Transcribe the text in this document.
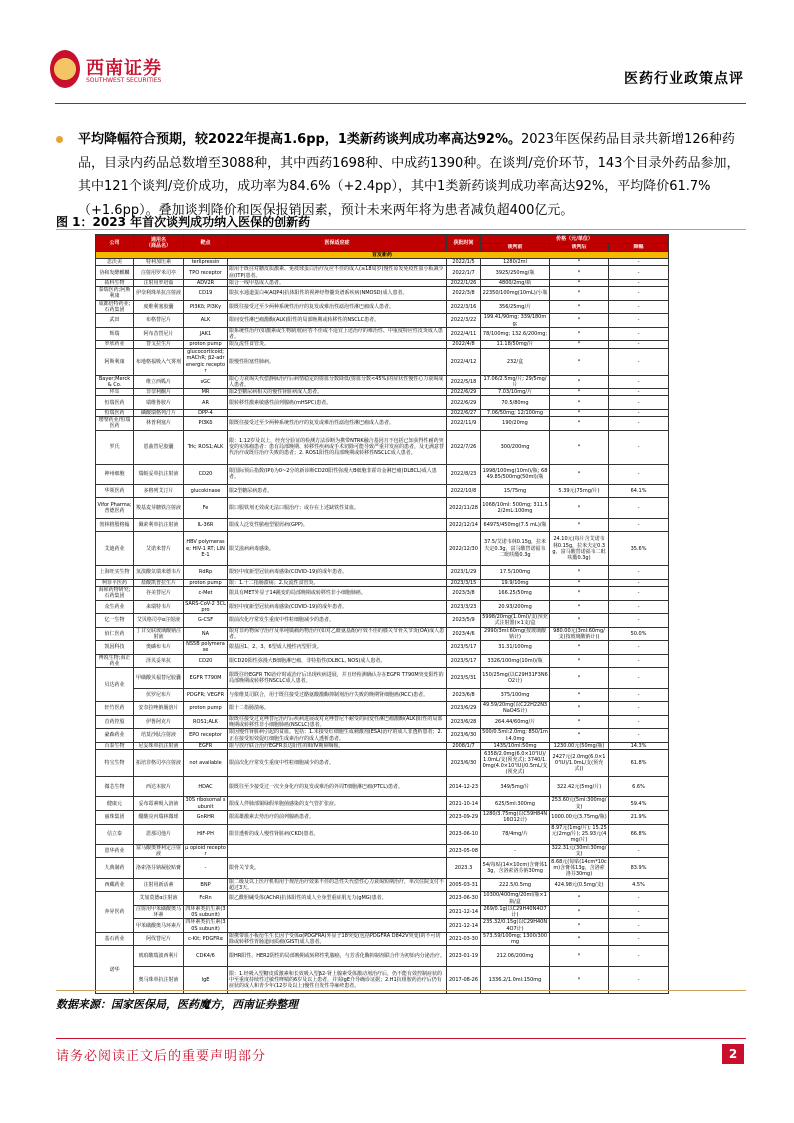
西南证券
SOUTHWEST SECURITIES	医药行业政策点评
平均降幅符合预期，较2022年提高1.6pp，1类新药谈判成功率高达92%。2023年医保药品目录共新增126种药品，目录内药品总数增至3088种，其中西药1698种、中成药1390种。在谈判/竞价环节，143个目录外药品参加，其中121个谈判/竞价成功，成功率为84.6%（+2.4pp），其中1类新药谈判成功率高达92%，平均降价61.7%（+1.6pp）。叠加谈判降价和医保报销因素，预计未来两年将为患者减负超400亿元。
图 1：2023 年首次谈判成功纳入医保的创新药
公司	通用名
（商品名）	靶点	医保适应症	获批时间	价格（元/单位）		
					谈判前	谈判后	降幅
首发新药							
思沃美	特利加压素	terlipressin		2022/1/5	1280/2ml	*	-
协和发酵麒麟	注射用罗米司亭	TPO receptor	限用于既往对糖皮质激素、免疫球蛋白治疗反应不佳的成人(≥18周岁)慢性原发免疫性血小板减少症(ITP)患者。	2022/1/7	3925/250mg/瓶	*	-
拓科生物	注射用罗培茹	ADV2R	限合一线甲基成人患者。	2022/1/26	4800/2mg/瓶	*	-
泰瑞医药;阿斯利康	伊奈利珠单抗注射液	CD19	限抗水通道蛋白4(AQP4)抗体阳性的视神经脊髓炎谱系疾病(NMOSD)成人患者。	2022/3/8	22350/100mg(10mL)/小瓶	*	-
成都倍特药业;石药集团	度维利塞胶囊	PI3Kδ; PI3Kγ	限既往接受过至少两种系统性治疗的复发或难治性滤泡性淋巴瘤成人患者。	2022/3/16	356/25mg/片	*	-
武田	布格替尼片	ALK	限间变性淋巴瘤激酶(ALK)阳性的局部晚期或转移性的NSCLC患者。	2022/3/22	199.41/90mg; 339/180mg;	*	-
辉瑞	阿布昔替尼片	JAK1	限系统性治疗(如激素或生物制剂)应答不佳或不适宜上述治疗的难治性、中重度特应性皮炎成人患者。	2022/4/11	78/100mg; 132.6/200mg;	*	-
罗欣药业	替戈拉生片	proton pump	限反流性食管炎。	2022/4/8	11.18/50mg/片	*	-
阿斯利康	布地格福吸入气雾剂	glucocorticoid; mAChR; β2-adrenergic receptor	限慢性阻塞性肺病。	2022/4/12	232/盒	*	-
Bayer;Merck & Co.	维立西呱片	sGC	限心力衰竭失代偿静脉治疗后病情稳定的射血分数降低(射血分数<45%)的症状性慢性心力衰竭成人患者。	2022/5/18	17.06/2.5mg/片; 29/5mg/片	*	-
拜耳	非奈利酮片	MR	限2型糖尿病相关的慢性肾脏病成人患者。	2022/6/29	7.03/10mg/片	*	-
恒瑞医药	瑞维鲁胺片	AR	限转移性激素敏感性前列腺癌(mHSPC)患者。	2022/6/29	70.5/80mg	*	-
恒瑞医药	磷酸瑞格列汀片	DPP-4		2022/6/27	7.06/50mg; 12/100mg	*	-
璎黎药业/恒瑞医药	林普利塞片	PI3Kδ	限既往接受过至少两种系统性治疗的复发或难治性滤泡性淋巴瘤成人患者。	2022/11/9	190/20mg	*	-
罗氏	恩曲替尼胶囊	Trk; ROS1;ALK	限：1.12岁及以上，经充分验证的检测方法诊断为携带NTRK融合基因且不包括已知获得性耐药突变的实体瘤患者：患有局部晚期、转移性疾病或手术切除可能导致严重并发症的患者，及无满意替代治疗或既往治疗失败的患者；2. ROS1阳性的局部晚期或转移性NSCLC成人患者。	2022/7/26	300/200mg	*	-
神州细胞	瑞帕妥单抗注射液	CD20	限国际预后指数(IPI)为0~2分的新诊断CD20阳性弥漫大B细胞非霍奇金淋巴瘤(DLBCL)成人患者。	2022/8/23	1998/100mg(10ml)/瓶; 6849.85/500mg(50ml)/瓶	*	-
华领医药	多格列艾汀片	glucokinase	限2型糖尿病患者。	2022/10/8	15/75mg	5.39元(75mg/片)	64.1%
Vifor Pharma;普德医药	羧基麦芽糖铁注射液	Fe	限口服铁剂无效或无法口服治疗；或存在上述缺铁性贫血。	2022/11/28	1068/10ml: 500mg; 311.52/2mL:100mg	*	-
勃林格殷格翰	佩索利单抗注射液	IL-36R	限成人泛发性脓疱型银屑病(GPP)。	2022/12/14	64975/450mg(7.5 mL)/瓶	*	-
艾迪药业	艾诺米替片	HBV polymerase; HIV-1 RT; LINE-1	限艾滋病病毒感染。	2022/12/30	37.5/艾诺韦林0.15g，拉米夫定0.3g，富马酸替诺福韦二吡呋酯0.3g	24.10元(每片含艾诺韦林0.15g，拉米夫定0.3g，富马酸替诺福韦二吡呋酯0.3g)	35.6%
上海旺实生物	氢溴酸氘瑞米德韦片	RdRp	限轻中度新型冠状病毒感染(COVID-19)的成年患者。	2023/1/29	17.5/100mg	*	-
柯菲平医药	盐酸凯普拉生片	proton pump	限：1.十二指肠溃疡；2.反流性食管炎。	2023/3/15	19.9/10mg	*	-
海和药物研究;石药集团	谷美替尼片	c-Met	限具有MET外显子14跳变的局部晚期或转移性非小细胞肺癌。	2023/3/8	166.25/50mg	*	-
众生药业	来瑞特韦片	SARS-CoV-2 3CLpro	限轻中度新型冠状病毒感染(COVID-19)的成年患者。	2023/3/23	20.93/200mg	*	-
亿一生物	艾贝格司亭α注射液	G-CSF	限前次化疗常发生重度中性粒细胞减少的患者。	2023/5/9	5998/20mg(1.0ml)/支(预充式注射器)×1支/盒	*	-
佰仁医药	丁甘交联玻璃酸钠注射液	NA	限对非药物保守治疗及单纯镇痛药物治疗(如对乙酰氨基酚)疗效不佳的膝关节骨关节炎(OA)成人患者。	2023/4/6	2990/3ml:60mg(按玻璃酸钠计)	980.00元(3ml:60mg/支(按玻璃酸钠计))	50.0%
凯因科技	奥磷布韦片	NS5B polymerase	限基因1、2、3、6型成人慢性丙型肝炎。	2023/5/17	31.31/100mg	*	-
博锐生物;海正药业	泽贝妥单抗	CD20	限CD20阳性弥漫大B细胞淋巴瘤，非特指性(DLBCL, NOS)成人患者。	2023/5/17	3326/100mg(10ml)/瓶	*	-
贝达药业	甲磺酸贝福替尼胶囊	EGFR T790M	限既往经EGFR TKI治疗时或治疗后出现疾病进展，并且经检测确认存在EGFR T790M突变阳性的局部晚期或转移性NSCLC成人患者。	2023/5/31	150/25mg(以C29H31F3N6O2计)	*	-
	伏罗尼布片	PDGFR; VEGFR	与依维莫司联合，用于既往接受过酪氨酸激酶抑制剂治疗失败的晚期肾细胞癌(RCC)患者。	2023/6/8	375/100mg	*	-
轩竹医药	安奈拉唑钠肠溶片	proton pump	限十二指肠溃疡。	2023/6/29	49.59/20mg(以C22H22N3NaO4S计)	*	-
首药控股	伊鲁阿克片	ROS1;ALK	限既往接受过克唑替尼治疗后疾病进展或对克唑替尼不耐受的间变性淋巴瘤激酶(ALK)阳性的局部晚期或转移性非小细胞肺癌(NSCLC)患者。	2023/6/28	264.44/60mg/片	*	-
豪森药业	培莫沙肽注射液	EPO receptor	限因慢性肾脏病引起的贫血。包括：1.未接受红细胞生成刺激剂(ESA)治疗的成人非透析患者；2.正在接受短效促红细胞生成素治疗的成人透析患者。	2023/6/30	500/0.5ml:2.0mg; 850/1ml:4.0mg	*	-
百泰生物	尼妥珠单抗注射液	EGFR	限与放疗联合治疗EGFR表达阳性的III/IV期鼻咽癌。	2008/1/7	1435/10ml:50mg	1230.00元(50mg/瓶)	14.3%
特宝生物	拓培非格司亭注射液	not available	限前次化疗常发生重度中性粒细胞减少的患者。	2023/6/30	6358/2.0mg(6.0×10⁷IU)/1.0mL/支(预充式); 3740/1.0mg(4.0×10⁷IU)/0.5mL/支(预充式)	2427元(2.0mg(6.0×10⁷IU)/1.0mL/支(预充式))	61.8%
微芯生物	西达本胺片	HDAC	限既往至少接受过一次全身化疗的复发或难治的外周T细胞淋巴瘤(PTCL)患者。	2014-12-23	349/5mg/片	322.42元(5mg/片)	6.6%
健康元	妥布霉素吸入溶液	30S ribosomal subunit	限成人伴肺部铜绿假单胞菌感染的支气管扩张症。	2021-10-14	625/5ml:300mg	253.60元(5ml:300mg/支)	59.4%
丽珠集团	醋酸亮丙瑞林微球	GnRHR	限需雄激素去势治疗的前列腺癌患者。	2023-09-29	1280/3.75mg(以C59H84N16O12计)	1000.00元(3.75mg/瓶)	21.9%
信立泰	恩那司他片	HIF-PH	限非透析的成人慢性肾脏病(CKD)患者。	2023-06-10	78/4mg/片	8.97元(1mg/片); 15.25元(2mg/片); 25.93元(4mg/片)	66.8%
恩华药业	富马酸奥赛利定注射液	μ opioid receptor		2023-05-08	-	322.31元(30ml:30mg/支)	-
九典制药	洛索洛芬钠凝胶贴膏	-	限骨关节炎。	2023.3	54/每贴(14×10cm)含膏体13g，含洛索洛芬钠30mg	8.68元(每贴(14cm*10cm)含膏体13g，含洛索洛芬30mg)	83.9%
西藏药业	注射用新活素	BNP	限二级及以上医疗机构用于规范治疗效果不佳的急性失代偿性心力衰竭短期治疗，单次住院支付不超过3天。	2005-03-31	222.5/0.5mg	424.98元(0.5mg/支)	4.5%
奔昇医药	艾加莫德α注射液	FcRn	限乙酰胆碱受体(AChR)抗体阳性的成人全身型重症肌无力(gMG)患者。	2023-06-30	10300/400mg/20ml/瓶×1瓶/盒	*	-
	注射用甲苯磺酸奥马环素	四环素类抗生素(30S subunit)		2021-12-14	269/0.1g(以C29H40N4O7计)	*	-
	甲苯磺酸奥马环素片	四环素类抗生素(30S subunit)		2021-12-14	235.32/0.15g(以C29H40N4O7计)	*	-
基石药业	阿伐替尼片	c-Kit; PDGFRα	限携带血小板衍生生长因子受体α(PDGFRA)外显子18突变(包括PDGFRA D842V突变)的不可切除或转移性胃肠道间质瘤(GIST)成人患者。	2021-03-30	573.59/100mg; 1300/300mg	*	-
诺华	琥珀酸瑞波西利片	CDK4/6	限HR阳性、HER2阴性的局部晚期或转移性乳腺癌，与芳香化酶抑制剂联合作为初始内分泌治疗。	2023-01-19	212.06/200mg	*	-
	奥马珠单抗注射液	IgE	限：1.经吸入型糖皮质激素和长效吸入型β2-肾上腺素受体激动剂治疗后，仍不能有效控制症状的中至重度持续性过敏性哮喘的6岁及以上患者，并需IgE介导确诊证据；2.H1抗组胺药治疗后仍有症状的成人和青少年(12岁及以上)慢性自发性荨麻疹患者。	2017-08-26	1336.2/1.0ml:150mg	*	-
数据来源：国家医保局，医药魔方，西南证券整理
请务必阅读正文后的重要声明部分	2
